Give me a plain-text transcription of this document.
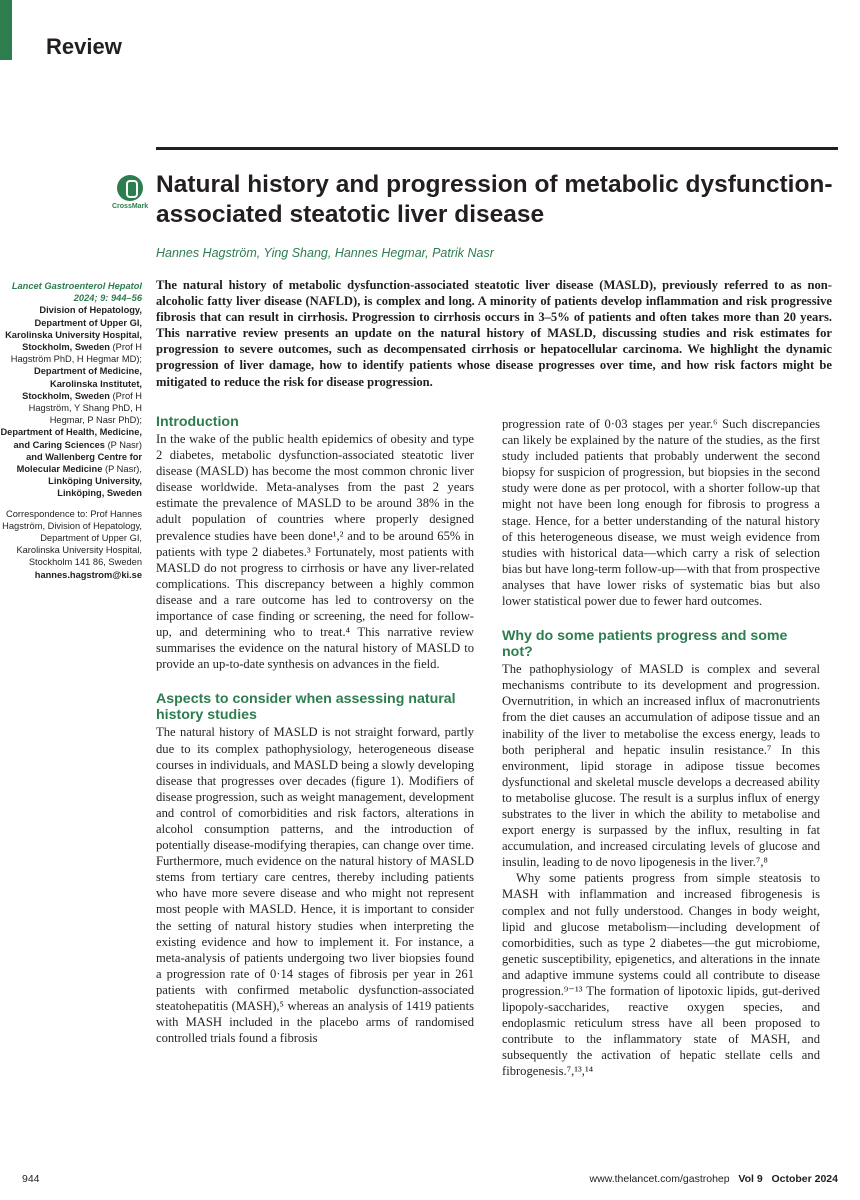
Review
CrossMark
Natural history and progression of metabolic dysfunction-associated steatotic liver disease
Hannes Hagström, Ying Shang, Hannes Hegmar, Patrik Nasr

Lancet Gastroenterol Hepatol 2024; 9: 944–56

Division of Hepatology, Department of Upper GI, Karolinska University Hospital, Stockholm, Sweden (Prof H Hagström PhD, H Hegmar MD); Department of Medicine, Karolinska Institutet, Stockholm, Sweden (Prof H Hagström, Y Shang PhD, H Hegmar, P Nasr PhD); Department of Health, Medicine, and Caring Sciences (P Nasr) and Wallenberg Centre for Molecular Medicine (P Nasr), Linköping University, Linköping, Sweden

Correspondence to: Prof Hannes Hagström, Division of Hepatology, Department of Upper GI, Karolinska University Hospital, Stockholm 141 86, Sweden
hannes.hagstrom@ki.se

The natural history of metabolic dysfunction-associated steatotic liver disease (MASLD), previously referred to as non-alcoholic fatty liver disease (NAFLD), is complex and long. A minority of patients develop inflammation and risk progressive fibrosis that can result in cirrhosis. Progression to cirrhosis occurs in 3–5% of patients and often takes more than 20 years. This narrative review presents an update on the natural history of MASLD, discussing studies and risk estimates for progression to severe outcomes, such as decompensated cirrhosis or hepatocellular carcinoma. We highlight the dynamic progression of liver damage, how to identify patients whose disease progresses over time, and how risk factors might be mitigated to reduce the risk for disease progression.

Introduction

In the wake of the public health epidemics of obesity and type 2 diabetes, metabolic dysfunction-associated steatotic liver disease (MASLD) has become the most common chronic liver disease worldwide. Meta-analyses from the past 2 years estimate the prevalence of MASLD to be around 38% in the adult population of countries where properly designed prevalence studies have been done¹,² and to be around 65% in patients with type 2 diabetes.³ Fortunately, most patients with MASLD do not progress to cirrhosis or have any liver-related complications. This discrepancy between a highly common disease and a rare outcome has led to controversy on the importance of case finding or screening, the need for follow-up, and determining who to treat.⁴ This narrative review summarises the evidence on the natural history of MASLD to provide an up-to-date synthesis on advances in the field.

Aspects to consider when assessing natural history studies

The natural history of MASLD is not straight forward, partly due to its complex pathophysiology, heterogeneous disease courses in individuals, and MASLD being a slowly developing disease that progresses over decades (figure 1). Modifiers of disease progression, such as weight management, development and control of comorbidities and risk factors, alterations in alcohol consumption patterns, and the introduction of potentially disease-modifying therapies, can change over time. Furthermore, much evidence on the natural history of MASLD stems from tertiary care centres, thereby including patients who have more severe disease and who might not represent most people with MASLD. Hence, it is important to consider the setting of natural history studies when interpreting the existing evidence and how to implement it. For instance, a meta-analysis of patients undergoing two liver biopsies found a progression rate of 0·14 stages of fibrosis per year in 261 patients with confirmed metabolic dysfunction-associated steatohepatitis (MASH),⁵ whereas an analysis of 1419 patients with MASH included in the placebo arms of randomised controlled trials found a fibrosis

progression rate of 0·03 stages per year.⁶ Such discrepancies can likely be explained by the nature of the studies, as the first study included patients that probably underwent the second biopsy for suspicion of progression, but biopsies in the second study were done as per protocol, with a shorter follow-up that might not have been long enough for fibrosis to progress a stage. Hence, for a better understanding of the natural history of this heterogeneous disease, we must weigh evidence from studies with historical data—which carry a risk of selection bias but have long-term follow-up—with that from prospective analyses that have lower risks of systematic bias but also lower statistical power due to fewer hard outcomes.

Why do some patients progress and some not?

The pathophysiology of MASLD is complex and several mechanisms contribute to its development and progression. Overnutrition, in which an increased influx of macronutrients from the diet causes an accumulation of adipose tissue and an inability of the liver to metabolise the excess energy, leads to both peripheral and hepatic insulin resistance.⁷ In this environment, lipid storage in adipose tissue becomes dysfunctional and skeletal muscle develops a decreased ability to metabolise glucose. The result is a surplus influx of energy substrates to the liver in which the ability to metabolise and export energy is surpassed by the influx, resulting in fat accumulation, and increased circulating levels of glucose and insulin, leading to de novo lipogenesis in the liver.⁷,⁸

Why some patients progress from simple steatosis to MASH with inflammation and increased fibrogenesis is complex and not fully understood. Changes in body weight, lipid and glucose metabolism—including development of comorbidities, such as type 2 diabetes—the gut microbiome, genetic susceptibility, epigenetics, and alterations in the innate and adaptive immune systems could all contribute to disease progression.⁹⁻¹³ The formation of lipotoxic lipids, gut-derived lipopoly-saccharides, reactive oxygen species, and endoplasmic reticulum stress have all been proposed to contribute to the inflammatory state of MASH, and subsequently the activation of hepatic stellate cells and fibrogenesis.⁷,¹³,¹⁴

944	www.thelancet.com/gastrohep Vol 9 October 2024
